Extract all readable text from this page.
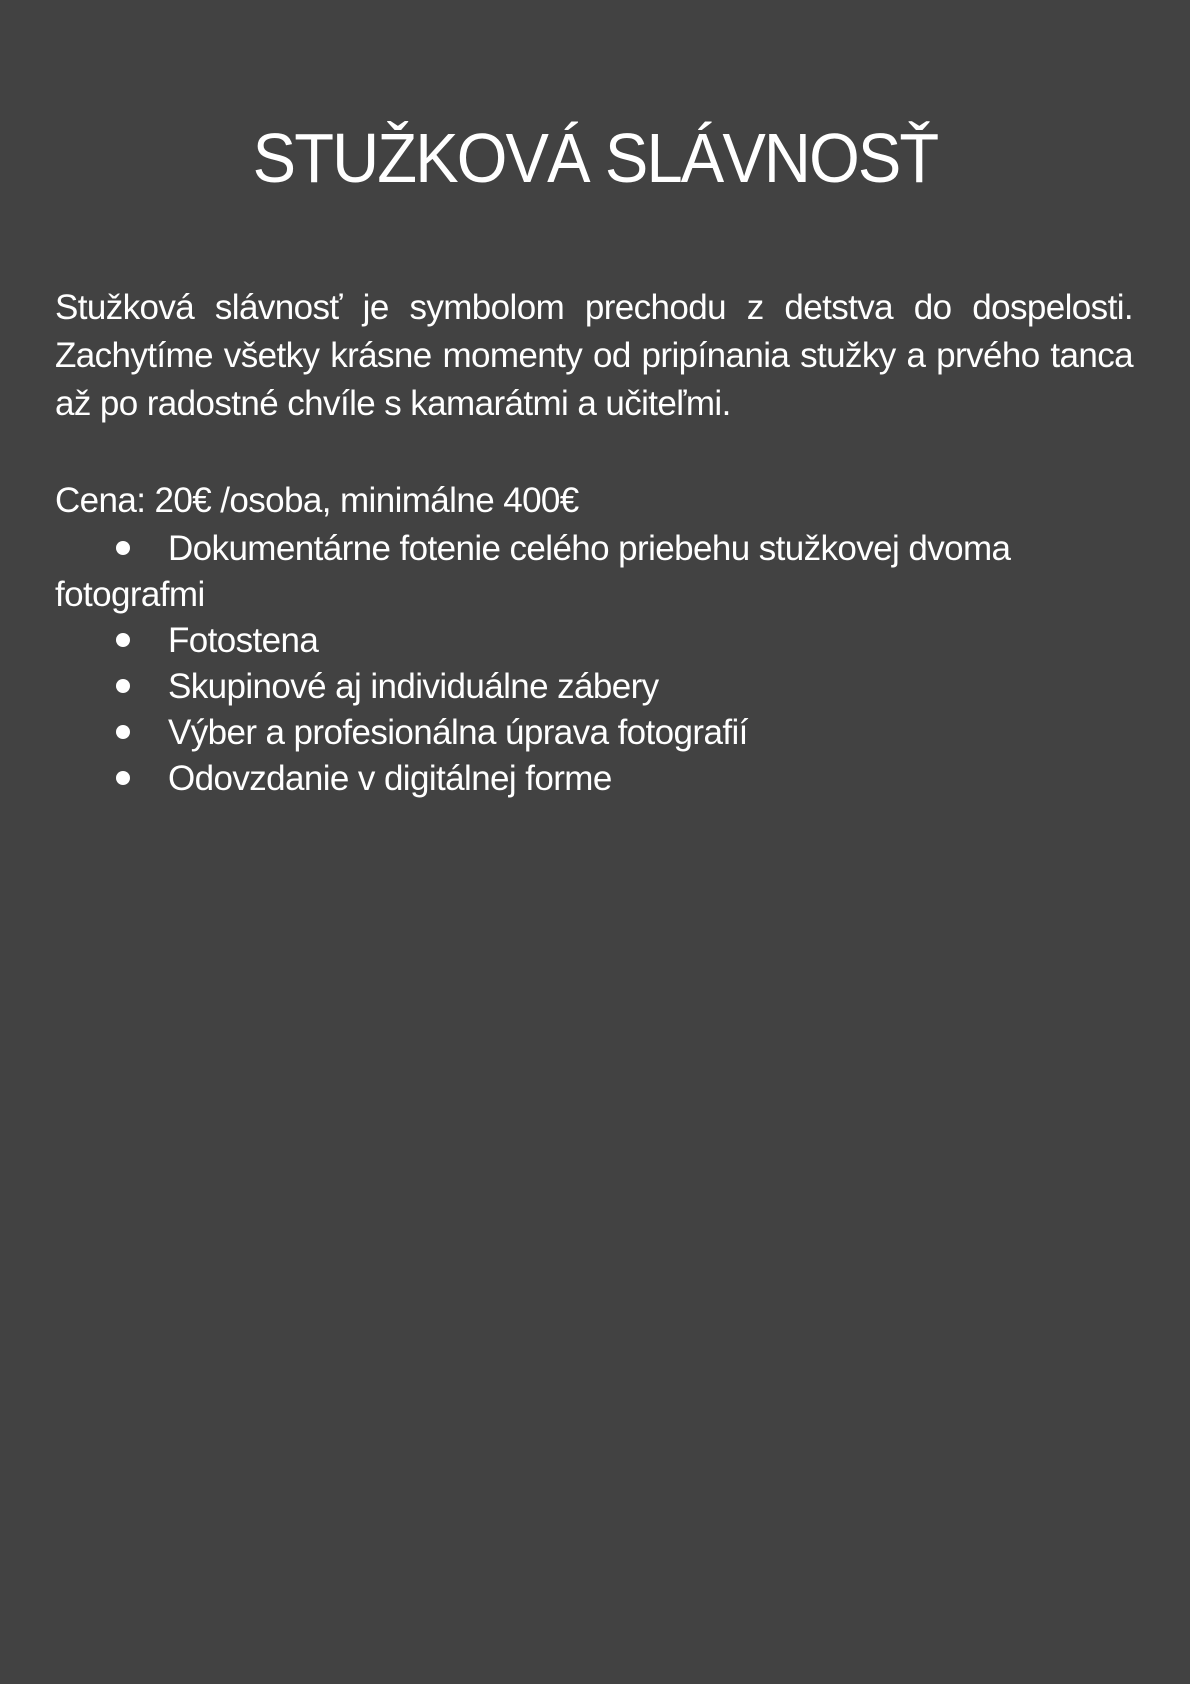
STUŽKOVÁ SLÁVNOSŤ

Stužková slávnosť je symbolom prechodu z detstva do dospelosti. Zachytíme všetky krásne momenty od pripínania stužky a prvého tanca až po radostné chvíle s kamarátmi a učiteľmi.

Cena: 20€ /osoba, minimálne 400€

Dokumentárne fotenie celého priebehu stužkovej dvoma fotografmi
Fotostena
Skupinové aj individuálne zábery
Výber a profesionálna úprava fotografií
Odovzdanie v digitálnej forme
